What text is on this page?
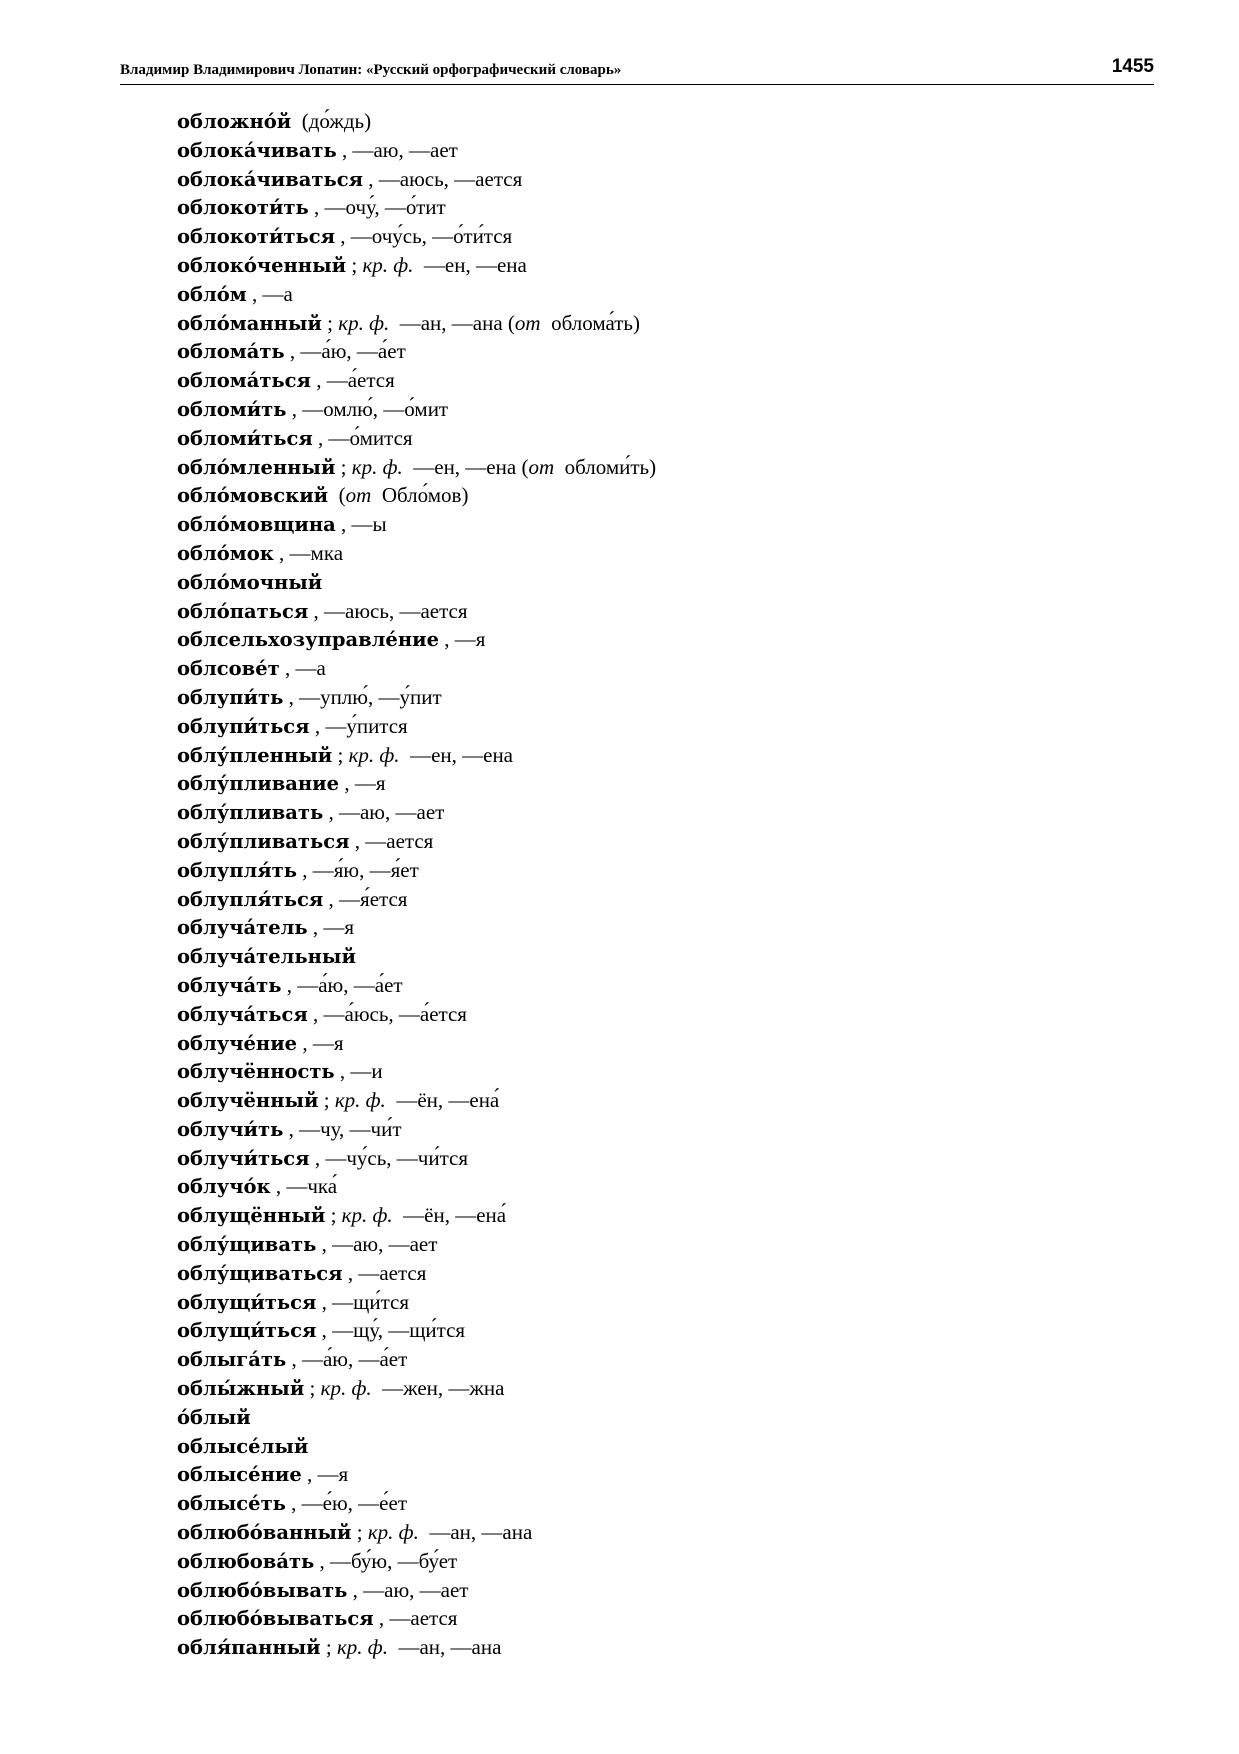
Владимир Владимирович Лопатин: «Русский орфографический словарь»	1455
обложно́й  (до́ждь)
облока́чивать , —аю, —ает
облока́чиваться , —аюсь, —ается
облокоти́ть , —очу́, —о́тит
облокоти́ться , —очу́сь, —о́ти́тся
облоко́ченный ; кр. ф.  —ен, —ена
обло́м , —а
обло́манный ; кр. ф.  —ан, —ана (от  облома́ть)
облома́ть , —а́ю, —а́ет
облома́ться , —а́ется
обломи́ть , —омлю́, —о́мит
обломи́ться , —о́мится
обло́мленный ; кр. ф.  —ен, —ена (от  обломи́ть)
обло́мовский  (от  Обло́мов)
обло́мовщина , —ы
обло́мок , —мка
обло́мочный
обло́паться , —аюсь, —ается
облсельхозуправле́ние , —я
облсове́т , —а
облупи́ть , —уплю́, —у́пит
облупи́ться , —у́пится
облу́пленный ; кр. ф.  —ен, —ена
облу́пливание , —я
облу́пливать , —аю, —ает
облу́пливаться , —ается
облупля́ть , —я́ю, —я́ет
облупля́ться , —я́ется
облуча́тель , —я
облуча́тельный
облуча́ть , —а́ю, —а́ет
облуча́ться , —а́юсь, —а́ется
облуче́ние , —я
облучённость , —и
облучённый ; кр. ф.  —ён, —ена́
облучи́ть , —чу, —чи́т
облучи́ться , —чу́сь, —чи́тся
облучо́к , —чка́
облущённый ; кр. ф.  —ён, —ена́
облу́щивать , —аю, —ает
облу́щиваться , —ается
облущи́ться , —щи́тся
облущи́ться , —щу́, —щи́тся
облыга́ть , —а́ю, —а́ет
облы́жный ; кр. ф.  —жен, —жна
о́блый
облысе́лый
облысе́ние , —я
облысе́ть , —е́ю, —е́ет
облюбо́ванный ; кр. ф.  —ан, —ана
облюбова́ть , —бу́ю, —бу́ет
облюбо́вывать , —аю, —ает
облюбо́вываться , —ается
обля́панный ; кр. ф.  —ан, —ана
